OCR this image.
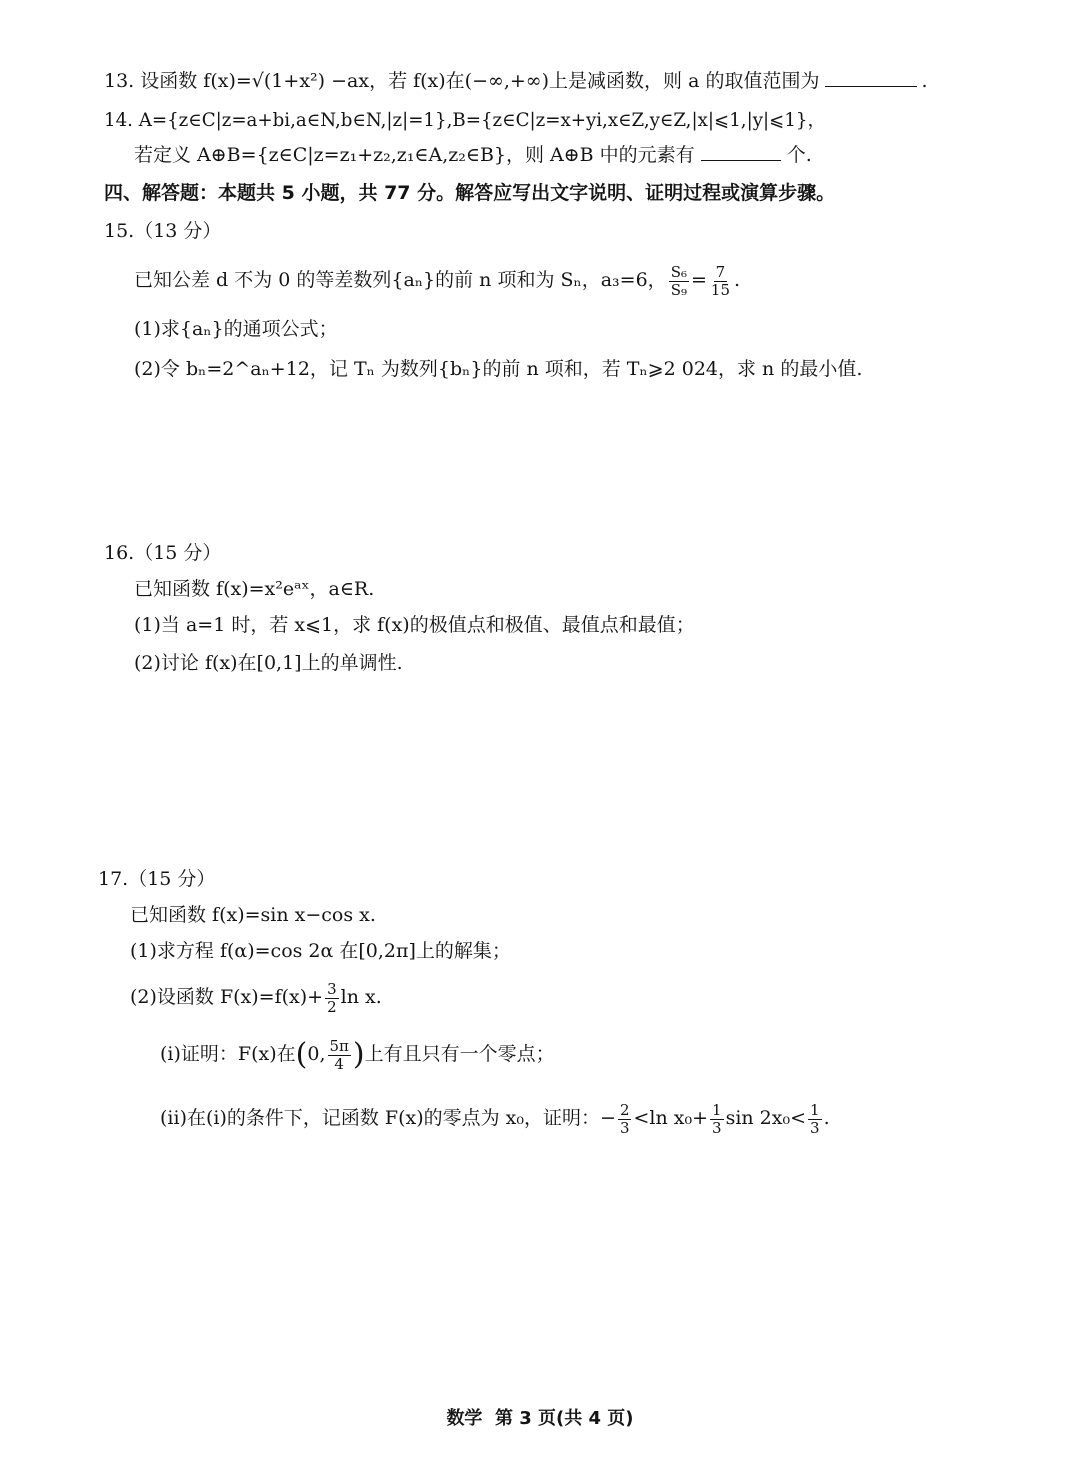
13. 设函数 f(x)=√(1+x²) −ax，若 f(x)在(−∞,+∞)上是减函数，则 a 的取值范围为	.
14. A={z∈C|z=a+bi,a∈N,b∈N,|z|=1},B={z∈C|z=x+yi,x∈Z,y∈Z,|x|⩽1,|y|⩽1}，
若定义 A⊕B={z∈C|z=z₁+z₂,z₁∈A,z₂∈B}，则 A⊕B 中的元素有	个.
四、解答题：本题共 5 小题，共 77 分。解答应写出文字说明、证明过程或演算步骤。
15.（13 分）
已知公差 d 不为 0 的等差数列{aₙ}的前 n 项和为 Sₙ，a₃=6， $\frac{\text{S₆}}{\text{S₉}} = \frac{7}{15}$ .
(1)求{aₙ}的通项公式；
(2)令 bₙ=2^aₙ+12，记 Tₙ 为数列{bₙ}的前 n 项和，若 Tₙ⩾2 024，求 n 的最小值.
16.（15 分）
已知函数 f(x)=x²eᵃˣ，a∈R.
(1)当 a=1 时，若 x⩽1，求 f(x)的极值点和极值、最值点和最值；
(2)讨论 f(x)在[0,1]上的单调性.
17.（15 分）
已知函数 f(x)=sin x−cos x.
(1)求方程 f(α)=cos 2α 在[0,2π]上的解集；
(2)设函数 $F(x)=f(x)+ \frac{3}{2}$ ln x.
(i)证明：F(x)在(0, $\frac{5\pi}{4}$ )上有且只有一个零点；
(ii)在(i)的条件下，记函数 F(x)的零点为 x₀，证明：− $\frac{2}{3} <\ln$ $x_0+ \frac{1}{3}$ $\sin 2x_0< \frac{1}{3}$ .
数学  第 3 页(共 4 页)
